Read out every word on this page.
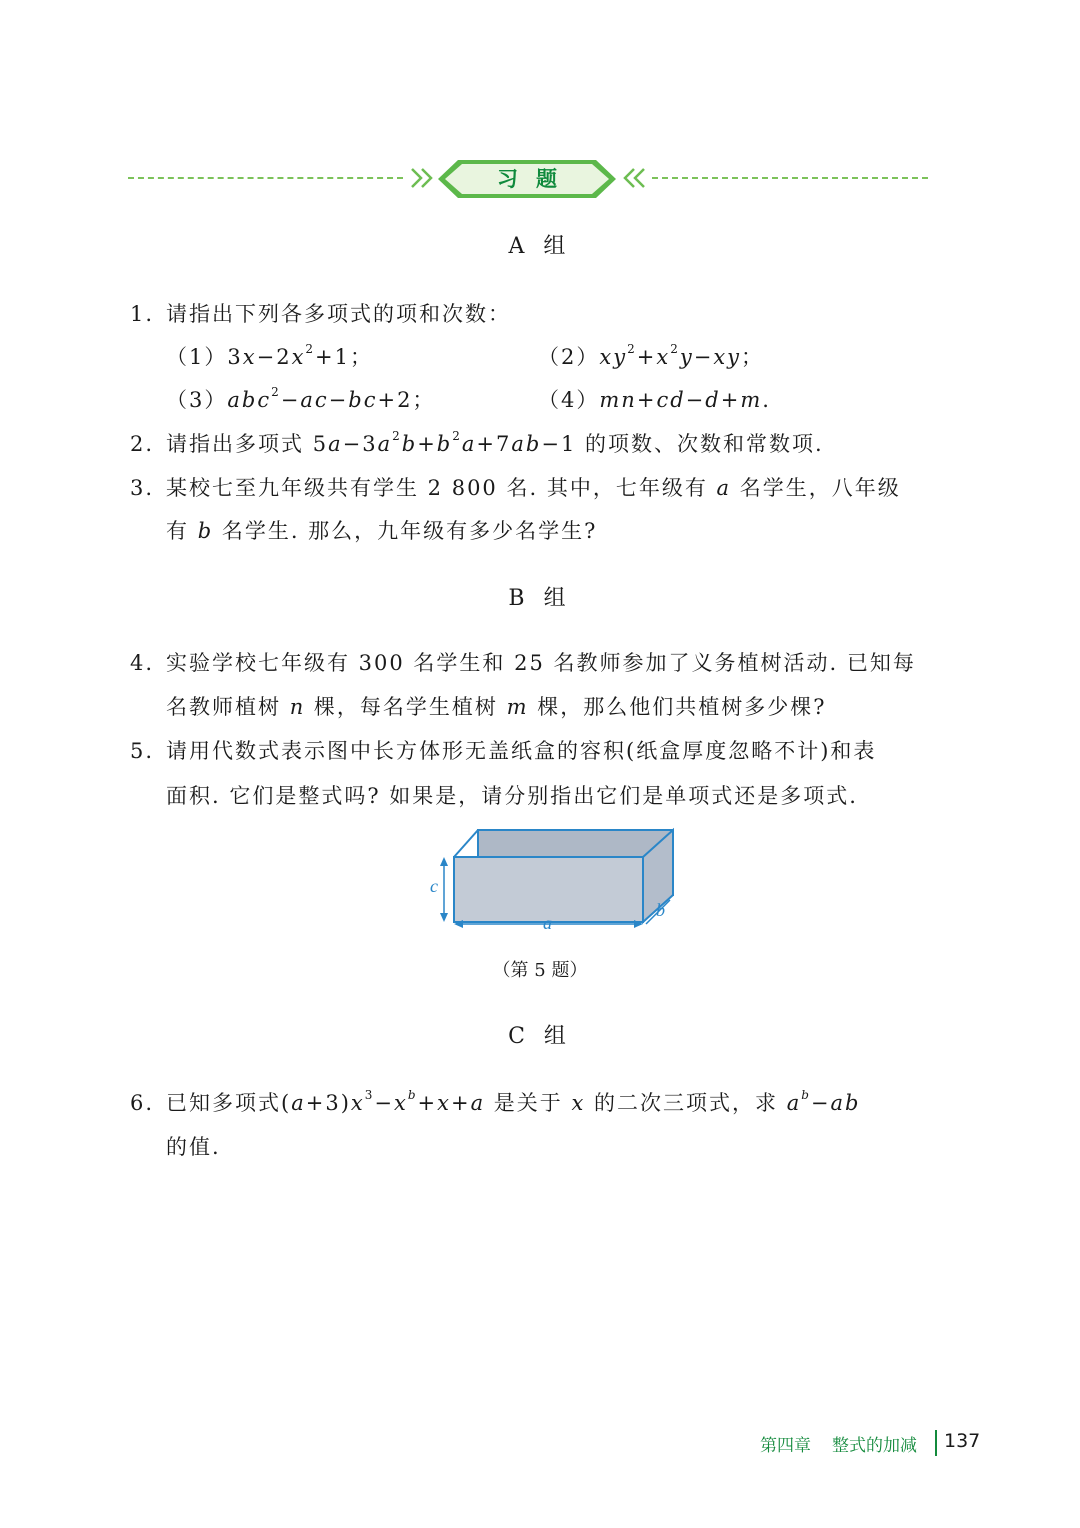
习题
A 组
1. 请指出下列各多项式的项和次数：
$(1)3x-2x^2+1$；	$(2)xy^2+x^2y-xy$；
（3）abc$^2$−ac−bc+2；	（4）mn+cd−d+m.
2. 请指出多项式 $5a-3a^2b+b^2a+7ab-1$ 的项数、次数和常数项.
3. 某校七至九年级共有学生 2 800 名. 其中，七年级有 a 名学生，八年级
有 b 名学生. 那么，九年级有多少名学生?
B 组
4. 实验学校七年级有 300 名学生和 25 名教师参加了义务植树活动. 已知每
名教师植树 n 棵，每名学生植树 m 棵，那么他们共植树多少棵?
5. 请用代数式表示图中长方体形无盖纸盒的容积(纸盒厚度忽略不计)和表
面积. 它们是整式吗? 如果是，请分别指出它们是单项式还是多项式.
c
a
b
（第 5 题）
C 组
6. 已知多项式$(a+3)x^3-x^b+x+a$ 是关于 x 的二次三项式，求 $a^b-ab$
的值.
第四章 整式的加减 137
